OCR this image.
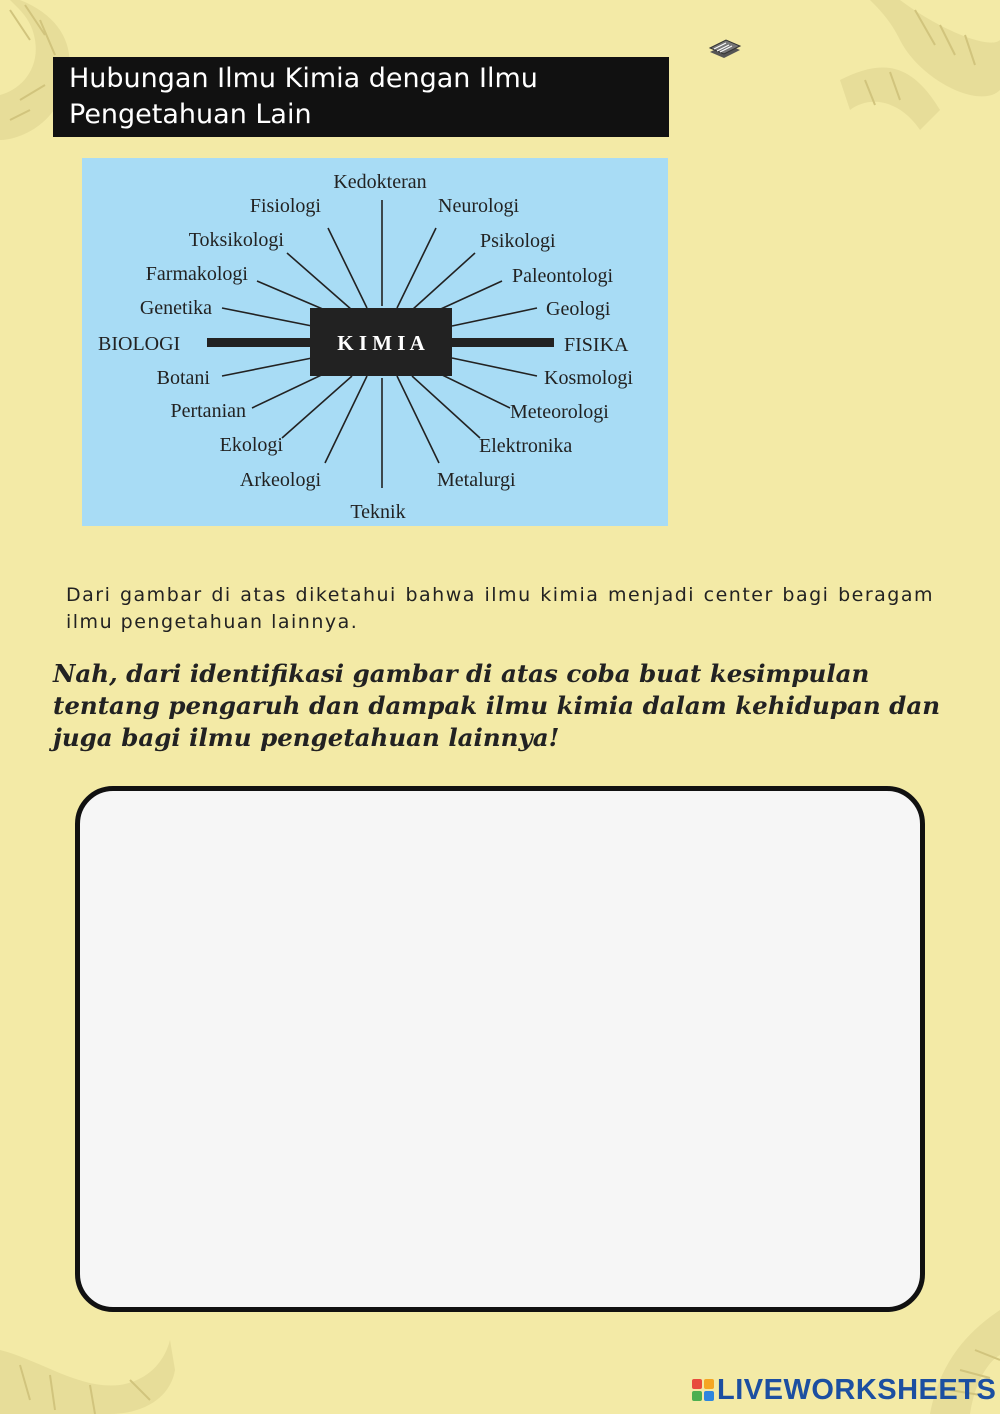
Hubungan Ilmu Kimia dengan Ilmu
Pengetahuan Lain
K I M I A
Kedokteran
Teknik
BIOLOGI	FISIKA
Fisiologi
Toksikologi
Farmakologi
Genetika
Botani
Pertanian
Ekologi
Arkeologi
Neurologi
Psikologi
Paleontologi
Geologi
Kosmologi
Meteorologi
Elektronika
Metalurgi

Dari gambar di atas diketahui bahwa ilmu kimia menjadi center bagi beragam ilmu pengetahuan lainnya.

Nah, dari identifikasi gambar di atas coba buat kesimpulan tentang pengaruh dan dampak ilmu kimia dalam kehidupan dan juga bagi ilmu pengetahuan lainnya!

LIVEWORKSHEETS
